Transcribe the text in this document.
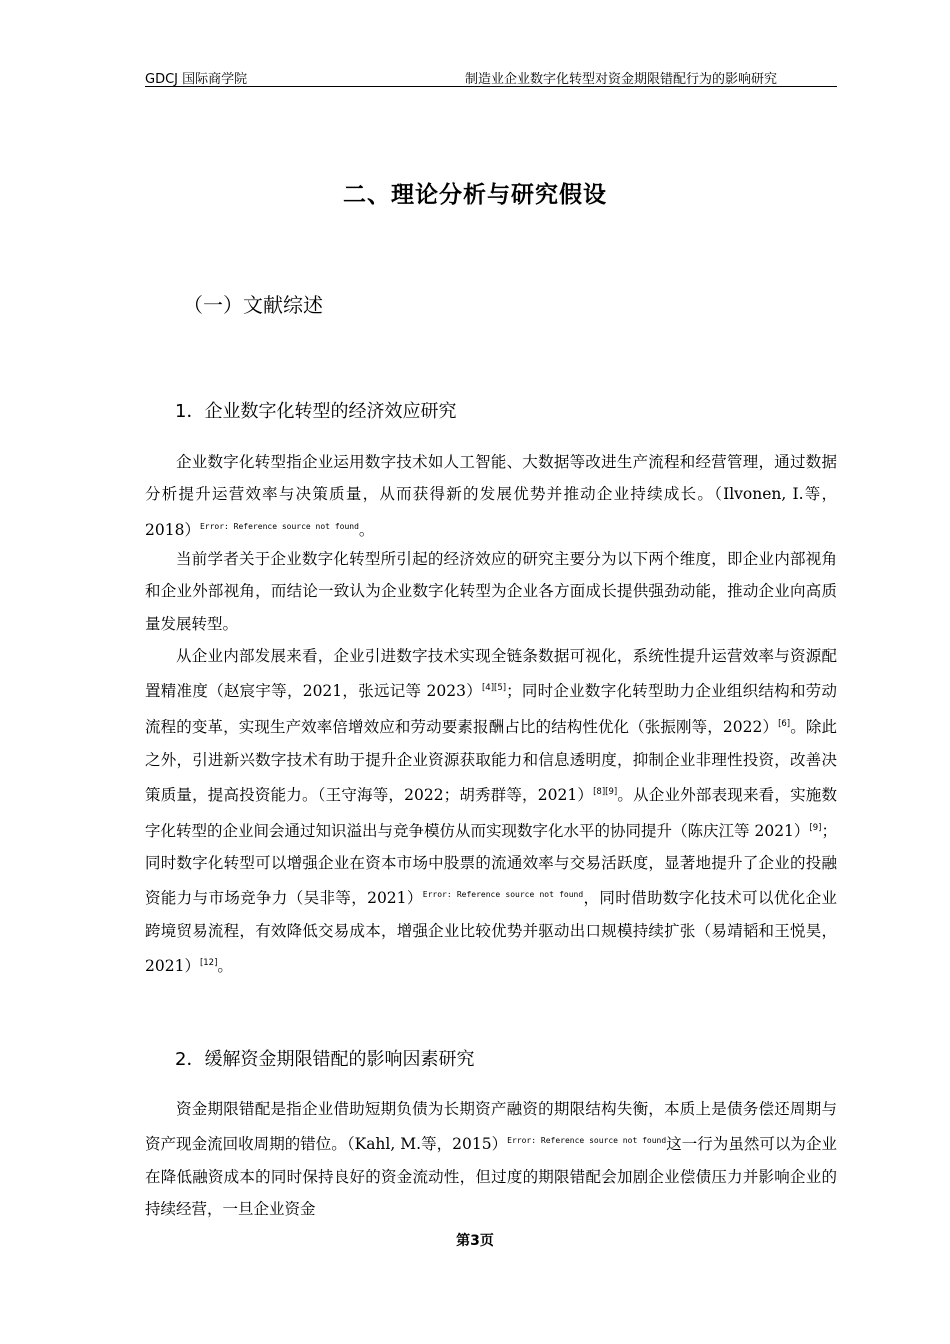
GDCJ 国际商学院	制造业企业数字化转型对资金期限错配行为的影响研究
二、理论分析与研究假设
（一）文献综述
1．企业数字化转型的经济效应研究

企业数字化转型指企业运用数字技术如人工智能、大数据等改进生产流程和经营管理，通过数据分析提升运营效率与决策质量，从而获得新的发展优势并推动企业持续成长。（Ilvonen, I.等，2018）$^{Error: Reference source not found}$。

当前学者关于企业数字化转型所引起的经济效应的研究主要分为以下两个维度，即企业内部视角和企业外部视角，而结论一致认为企业数字化转型为企业各方面成长提供强劲动能，推动企业向高质量发展转型。

从企业内部发展来看，企业引进数字技术实现全链条数据可视化，系统性提升运营效率与资源配置精准度（赵宸宇等，2021，张远记等 2023）[4][5]；同时企业数字化转型助力企业组织结构和劳动流程的变革，实现生产效率倍增效应和劳动要素报酬占比的结构性优化（张振刚等，2022）[6]。除此之外，引进新兴数字技术有助于提升企业资源获取能力和信息透明度，抑制企业非理性投资，改善决策质量，提高投资能力。（王守海等，2022；胡秀群等，2021）[8][9]。从企业外部表现来看，实施数字化转型的企业间会通过知识溢出与竞争模仿从而实现数字化水平的协同提升（陈庆江等 2021）[9]；同时数字化转型可以增强企业在资本市场中股票的流通效率与交易活跃度，显著地提升了企业的投融资能力与市场竞争力（吴非等，2021）$^{Error: Reference source not found}$，同时借助数字化技术可以优化企业跨境贸易流程，有效降低交易成本，增强企业比较优势并驱动出口规模持续扩张（易靖韬和王悦昊，2021）[12]。

2．缓解资金期限错配的影响因素研究

资金期限错配是指企业借助短期负债为长期资产融资的期限结构失衡，本质上是债务偿还周期与资产现金流回收周期的错位。（Kahl, M.等，2015）$^{Error: Reference source not found}$这一行为虽然可以为企业在降低融资成本的同时保持良好的资金流动性，但过度的期限错配会加剧企业偿债压力并影响企业的持续经营，一旦企业资金

第3页
